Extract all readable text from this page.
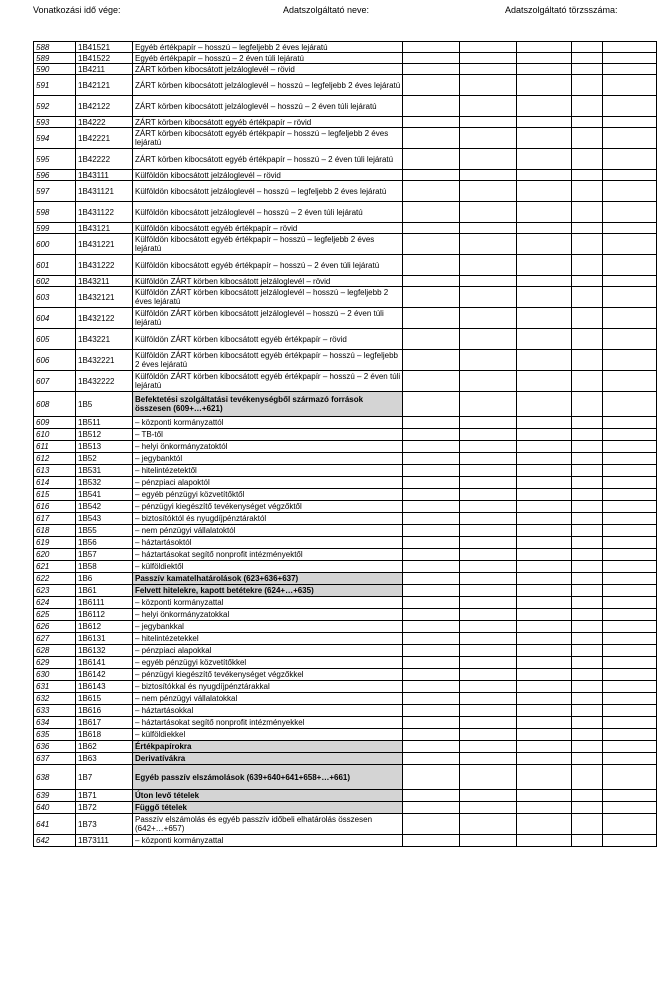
Vonatkozási idő vége:	Adatszolgáltató neve:	Adatszolgáltató törzsszáma:
588	1B41521	Egyéb értékpapír – hosszú – legfeljebb 2 éves lejáratú					
589	1B41522	Egyéb értékpapír – hosszú – 2 éven túli lejáratú					
590	1B4211	ZÁRT körben kibocsátott jelzáloglevél – rövid					
591	1B42121	ZÁRT körben kibocsátott jelzáloglevél – hosszú – legfeljebb 2 éves lejáratú					
592	1B42122	ZÁRT körben kibocsátott jelzáloglevél – hosszú – 2 éven túli lejáratú					
593	1B4222	ZÁRT körben kibocsátott egyéb értékpapír – rövid					
594	1B42221	ZÁRT körben kibocsátott egyéb értékpapír – hosszú – legfeljebb 2 éves lejáratú					
595	1B42222	ZÁRT körben kibocsátott egyéb értékpapír – hosszú – 2 éven túli lejáratú					
596	1B43111	Külföldön kibocsátott jelzáloglevél – rövid					
597	1B431121	Külföldön kibocsátott jelzáloglevél – hosszú – legfeljebb 2 éves lejáratú					
598	1B431122	Külföldön kibocsátott jelzáloglevél – hosszú – 2 éven túli lejáratú					
599	1B43121	Külföldön kibocsátott egyéb értékpapír – rövid					
600	1B431221	Külföldön kibocsátott egyéb értékpapír – hosszú – legfeljebb 2 éves lejáratú					
601	1B431222	Külföldön kibocsátott egyéb értékpapír – hosszú – 2 éven túli lejáratú					
602	1B43211	Külföldön ZÁRT körben kibocsátott jelzáloglevél – rövid					
603	1B432121	Külföldön ZÁRT körben kibocsátott jelzáloglevél – hosszú – legfeljebb 2 éves lejáratú					
604	1B432122	Külföldön ZÁRT körben kibocsátott jelzáloglevél – hosszú – 2 éven túli lejáratú					
605	1B43221	Külföldön ZÁRT körben kibocsátott egyéb értékpapír – rövid					
606	1B432221	Külföldön ZÁRT körben kibocsátott egyéb értékpapír – hosszú – legfeljebb 2 éves lejáratú					
607	1B432222	Külföldön ZÁRT körben kibocsátott egyéb értékpapír – hosszú – 2 éven túli lejáratú					
608	1B5	Befektetési szolgáltatási tevékenységből származó források összesen (609+…+621)					
609	1B511	– központi kormányzattól					
610	1B512	– TB-től					
611	1B513	– helyi önkormányzatoktól					
612	1B52	– jegybanktól					
613	1B531	– hitelintézetektől					
614	1B532	– pénzpiaci alapoktól					
615	1B541	– egyéb pénzügyi közvetítőktől					
616	1B542	– pénzügyi kiegészítő tevékenységet végzőktől					
617	1B543	– biztosítóktól és nyugdíjpénztáraktól					
618	1B55	– nem pénzügyi vállalatoktól					
619	1B56	– háztartásoktól					
620	1B57	– háztartásokat segítő nonprofit intézményektől					
621	1B58	– külföldiektől					
622	1B6	Passzív kamatelhatárolások (623+636+637)					
623	1B61	Felvett hitelekre, kapott betétekre (624+…+635)					
624	1B6111	– központi kormányzattal					
625	1B6112	– helyi önkormányzatokkal					
626	1B612	– jegybankkal					
627	1B6131	– hitelintézetekkel					
628	1B6132	– pénzpiaci alapokkal					
629	1B6141	– egyéb pénzügyi közvetítőkkel					
630	1B6142	– pénzügyi kiegészítő tevékenységet végzőkkel					
631	1B6143	– biztosítókkal és nyugdíjpénztárakkal					
632	1B615	– nem pénzügyi vállalatokkal					
633	1B616	– háztartásokkal					
634	1B617	– háztartásokat segítő nonprofit intézményekkel					
635	1B618	– külföldiekkel					
636	1B62	Értékpapírokra					
637	1B63	Derivatívákra					
638	1B7	Egyéb passzív elszámolások (639+640+641+658+…+661)					
639	1B71	Úton levő tételek					
640	1B72	Függő tételek					
641	1B73	Passzív elszámolás és egyéb passzív időbeli elhatárolás összesen (642+…+657)					
642	1B73111	– központi kormányzattal					
